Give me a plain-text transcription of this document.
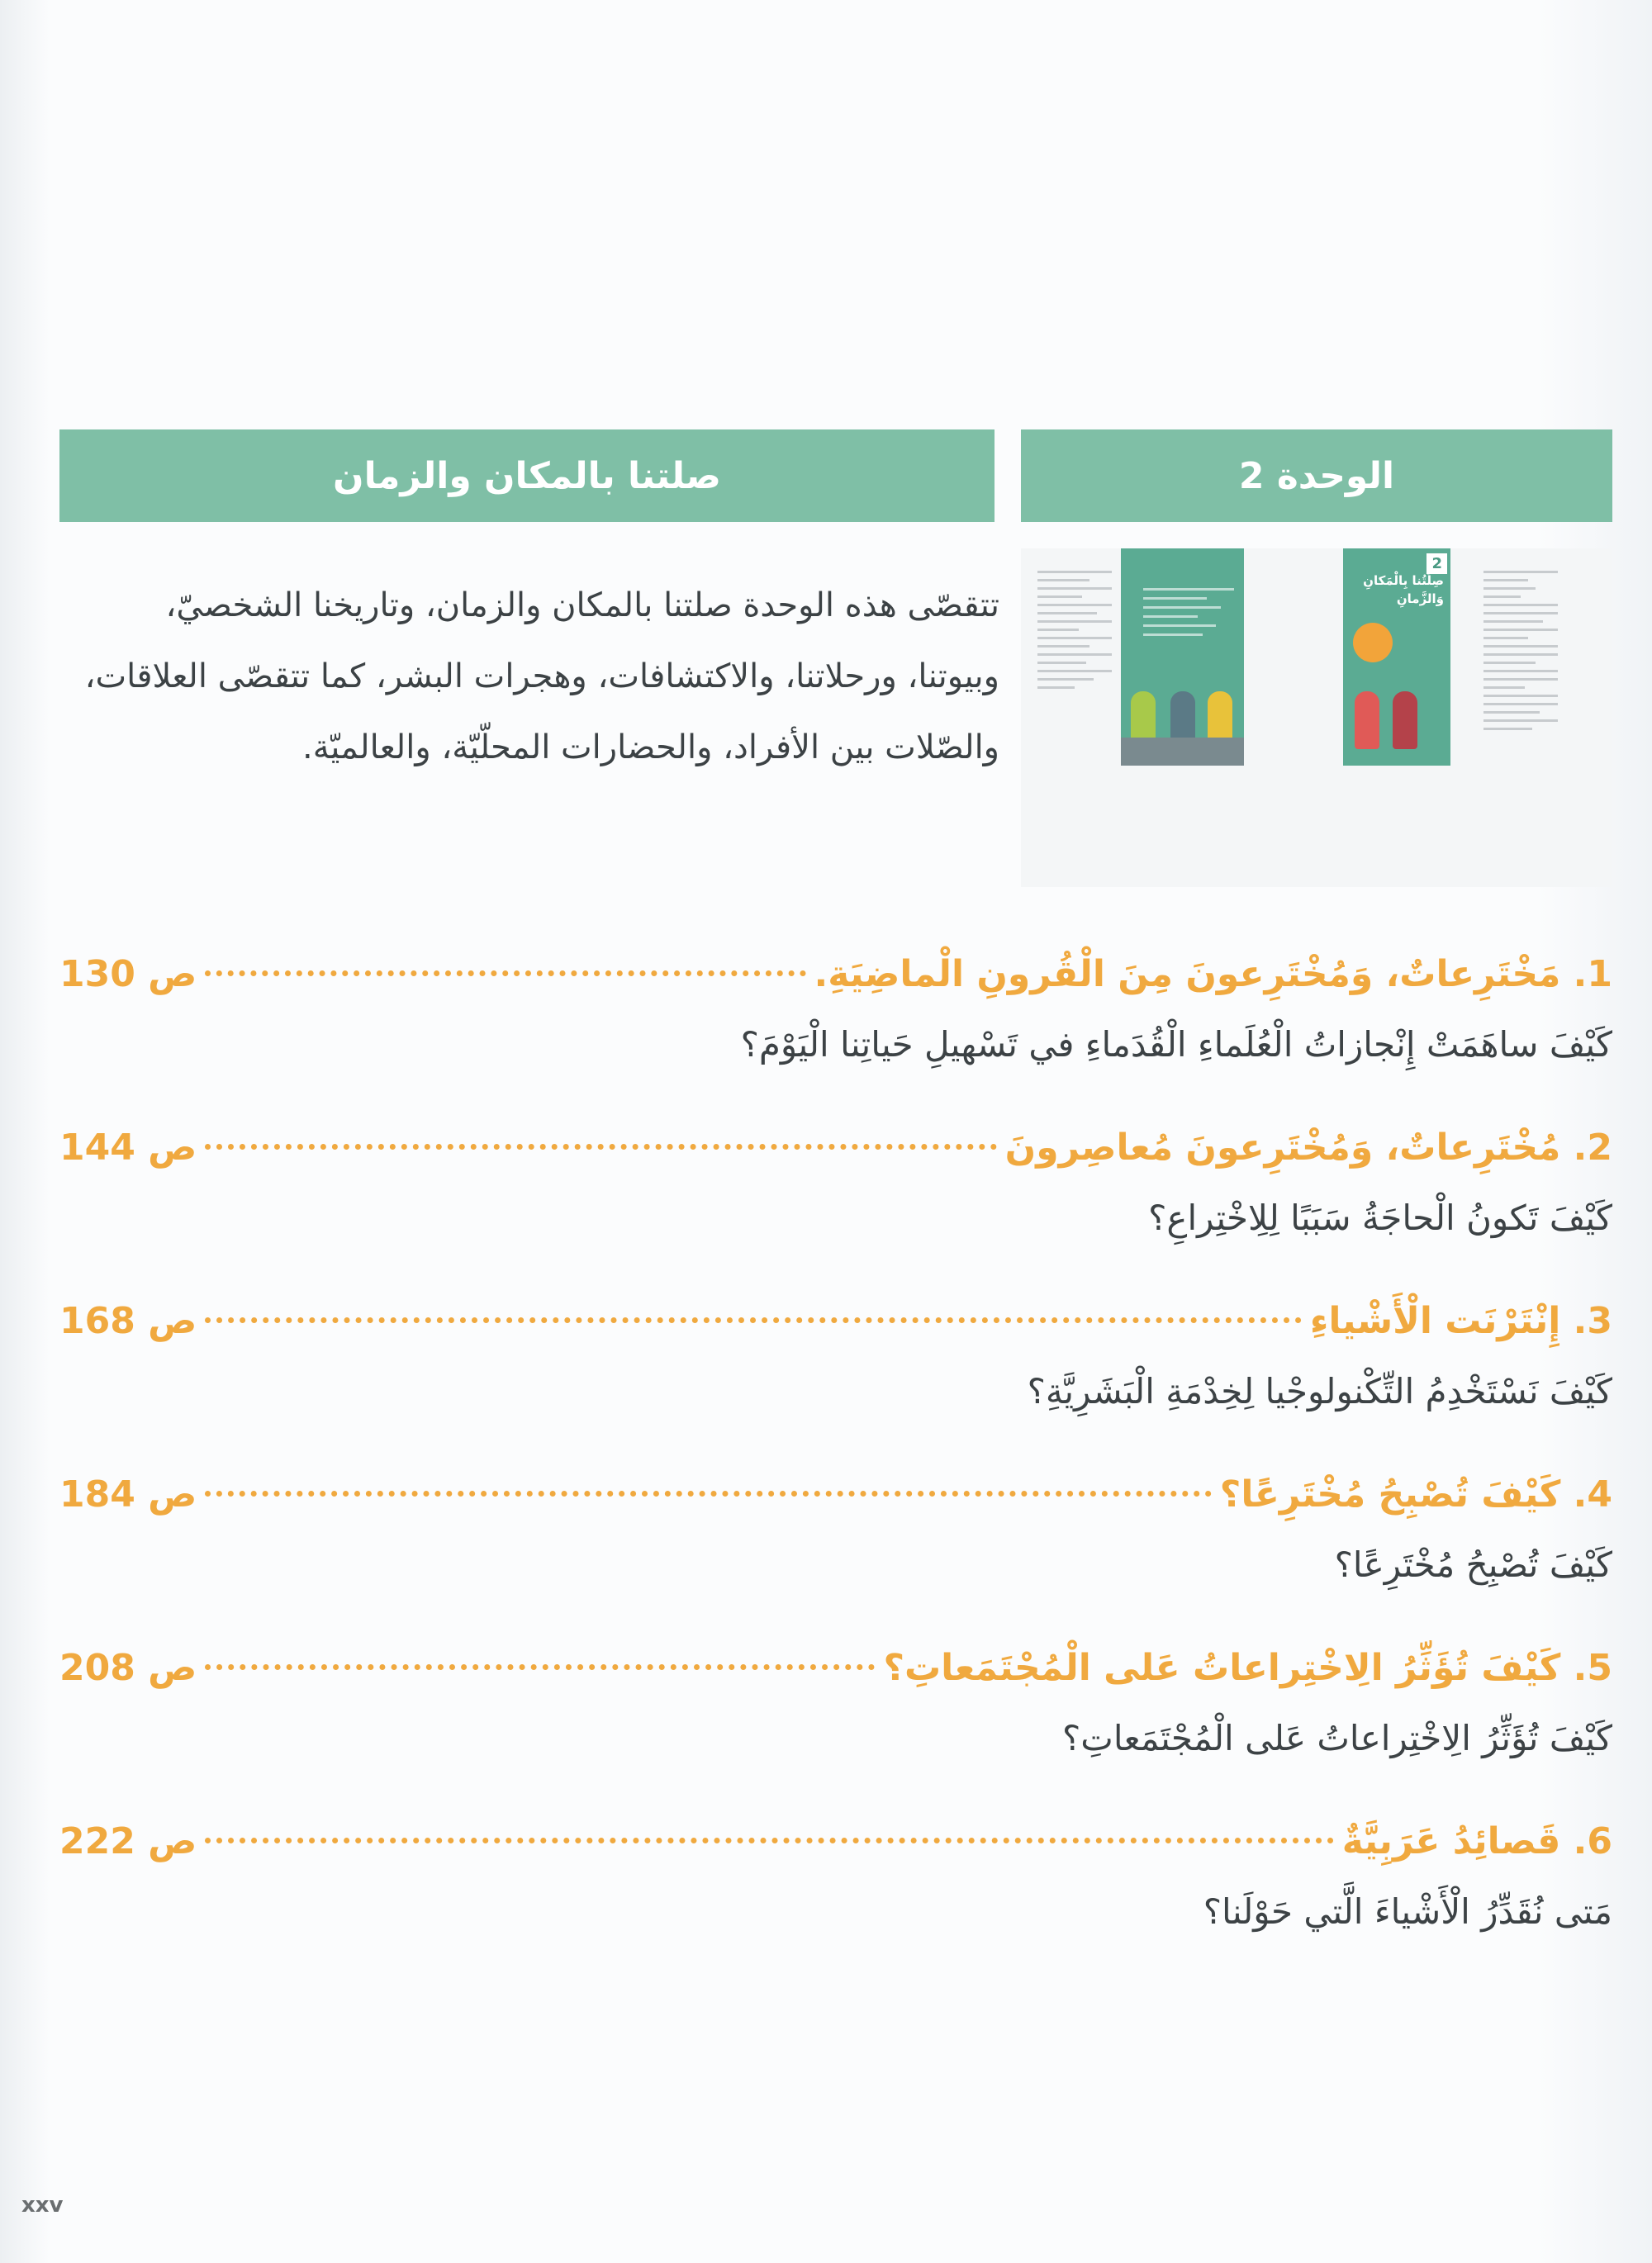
الوحدة 2
صلتنا بالمكان والزمان

تتقصّى هذه الوحدة صلتنا بالمكان والزمان، وتاريخنا الشخصيّ، وبيوتنا، ورحلاتنا، والاكتشافات، وهجرات البشر، كما تتقصّى العلاقات، والصّلات بين الأفراد، والحضارات المحلّيّة، والعالميّة.

2
صِلَتُنا بِالْمَكانِ وَالزَّمانِ
1.

مَخْتَرِعاتٌ، وَمُخْتَرِعونَ مِنَ الْقُرونِ الْماضِيَةِ.
ص 130
كَيْفَ ساهَمَتْ إِنْجازاتُ الْعُلَماءِ الْقُدَماءِ في تَسْهيلِ حَياتِنا الْيَوْمَ؟
2.

مُخْتَرِعاتٌ، وَمُخْتَرِعونَ مُعاصِرونَ
ص 144
كَيْفَ تَكونُ الْحاجَةُ سَبَبًا لِلِاخْتِراعِ؟
3.

إِنْتَرْنَت الْأَشْياءِ
ص 168
كَيْفَ نَسْتَخْدِمُ التِّكْنولوجْيا لِخِدْمَةِ الْبَشَرِيَّةِ؟
4.

كَيْفَ تُصْبِحُ مُخْتَرِعًا؟
ص 184
كَيْفَ تُصْبِحُ مُخْتَرِعًا؟
5.

كَيْفَ تُؤَثِّرُ الِاخْتِراعاتُ عَلى الْمُجْتَمَعاتِ؟
ص 208
كَيْفَ تُؤَثِّرُ الِاخْتِراعاتُ عَلى الْمُجْتَمَعاتِ؟
6.

قَصائِدُ عَرَبِيَّةٌ
ص 222
مَتى نُقَدِّرُ الْأَشْياءَ الَّتي حَوْلَنا؟
xxv
